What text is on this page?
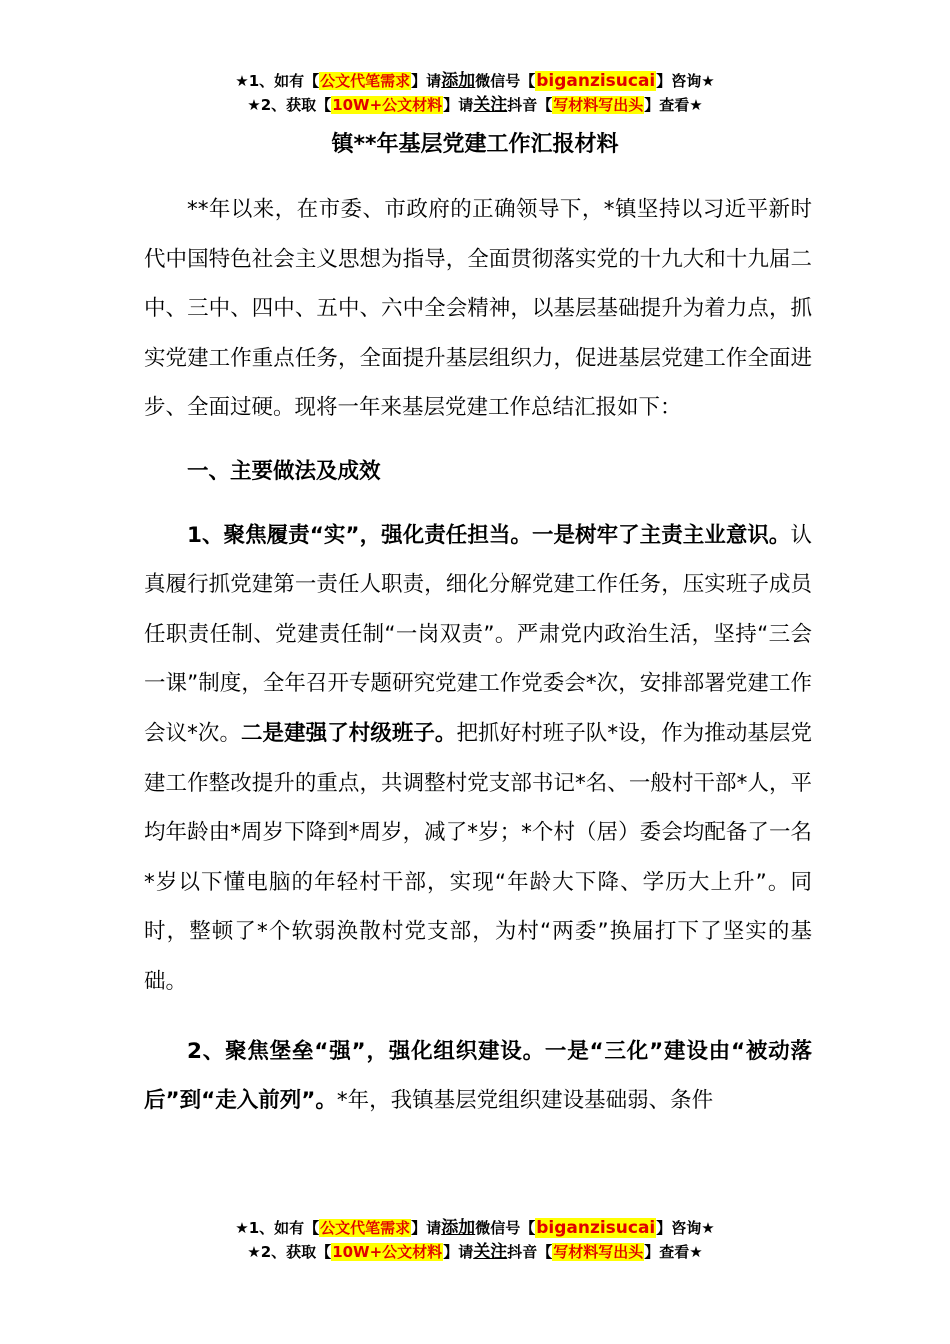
★1、如有【公文代笔需求】请添加微信号【biganzisucai】咨询★
★2、获取【10W+公文材料】请关注抖音【写材料写出头】查看★
镇**年基层党建工作汇报材料

**年以来，在市委、市政府的正确领导下，*镇坚持以习近平新时代中国特色社会主义思想为指导，全面贯彻落实党的十九大和十九届二中、三中、四中、五中、六中全会精神，以基层基础提升为着力点，抓实党建工作重点任务，全面提升基层组织力，促进基层党建工作全面进步、全面过硬。现将一年来基层党建工作总结汇报如下：

一、主要做法及成效

1、聚焦履责“实”，强化责任担当。一是树牢了主责主业意识。认真履行抓党建第一责任人职责，细化分解党建工作任务，压实班子成员任职责任制、党建责任制“一岗双责”。严肃党内政治生活，坚持“三会一课”制度，全年召开专题研究党建工作党委会*次，安排部署党建工作会议*次。二是建强了村级班子。把抓好村班子队*设，作为推动基层党建工作整改提升的重点，共调整村党支部书记*名、一般村干部*人，平均年龄由*周岁下降到*周岁，减了*岁；*个村（居）委会均配备了一名*岁以下懂电脑的年轻村干部，实现“年龄大下降、学历大上升”。同时，整顿了*个软弱涣散村党支部，为村“两委”换届打下了坚实的基础。

2、聚焦堡垒“强”，强化组织建设。一是“三化”建设由“被动落后”到“走入前列”。*年，我镇基层党组织建设基础弱、条件

★1、如有【公文代笔需求】请添加微信号【biganzisucai】咨询★
★2、获取【10W+公文材料】请关注抖音【写材料写出头】查看★
